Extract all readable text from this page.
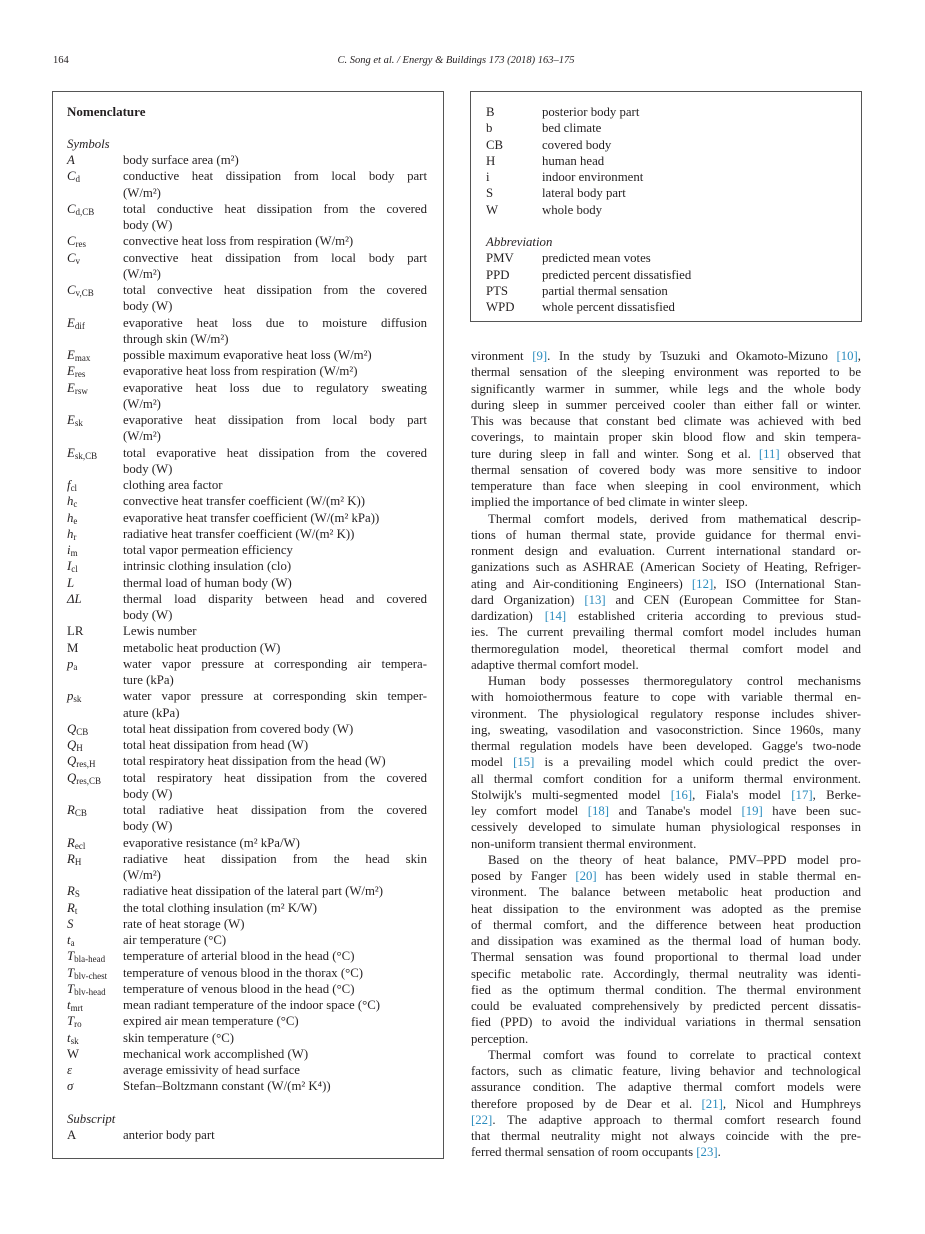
164	C. Song et al. / Energy & Buildings 173 (2018) 163–175
Nomenclature
Symbols
A	body surface area (m²)
$C_d$	conductive heat dissipation from local body part
(W/m²)
$C_{d,CB}$ total conductive heat dissipation from the covered
body (W)
$C_{res}$	convective heat loss from respiration (W/m²)
$C_v$	convective heat dissipation from local body part
(W/m²)
$C_{v,CB}$ total convective heat dissipation from the covered
body (W)
$E_{dif}$	evaporative heat loss due to moisture diffusion
through skin (W/m²)
$E_{max}$	possible maximum evaporative heat loss (W/m²)
$E_{res}$	evaporative heat loss from respiration (W/m²)
$E_{rsw}$	evaporative heat loss due to regulatory sweating
(W/m²)
$E_{sk}$	evaporative heat dissipation from local body part
(W/m²)
$E_{sk,CB}$ total evaporative heat dissipation from the covered
body (W)
$f_{cl}$	clothing area factor
$h_c$	convective heat transfer coefficient (W/(m² K))
$h_e$	evaporative heat transfer coefficient (W/(m² kPa))
$h_r$	radiative heat transfer coefficient (W/(m² K))
$i_m$	total vapor permeation efficiency
$I_{cl}$	intrinsic clothing insulation (clo)
L	thermal load of human body (W)
ΔL	thermal load disparity between head and covered
body (W)
LR	Lewis number
M	metabolic heat production (W)
$p_a$	water vapor pressure at corresponding air tempera-
ture (kPa)
$p_{sk}$	water vapor pressure at corresponding skin temper-
ature (kPa)
$Q_{CB}$	total heat dissipation from covered body (W)
$Q_H$	total heat dissipation from head (W)
$Q_{res,H}$ total respiratory heat dissipation from the head (W)
$Q_{res,CB}$ total respiratory heat dissipation from the covered
body (W)
$R_{CB}$	total radiative heat dissipation from the covered
body (W)
$R_{ecl}$	evaporative resistance (m² kPa/W)
$R_H$	radiative heat dissipation from the head skin
(W/m²)
$R_S$	radiative heat dissipation of the lateral part (W/m²)
$R_t$	the total clothing insulation (m² K/W)
S	rate of heat storage (W)
$t_a$	air temperature (°C)
$T_{bla-head}$ temperature of arterial blood in the head (°C)
$T_{blv-chest}$ temperature of venous blood in the thorax (°C)
$T_{blv-head}$ temperature of venous blood in the head (°C)
$t_{mrt}$	mean radiant temperature of the indoor space (°C)
$T_{ro}$	expired air mean temperature (°C)
$t_{sk}$	skin temperature (°C)
W	mechanical work accomplished (W)
ε	average emissivity of head surface
σ	Stefan–Boltzmann constant (W/(m² K⁴))
Subscript
A	anterior body part
B	posterior body part
b	bed climate
CB	covered body
H	human head
i	indoor environment
S	lateral body part
W	whole body
Abbreviation
PMV predicted mean votes
PPD	predicted percent dissatisfied
PTS	partial thermal sensation
WPD whole percent dissatisfied
vironment [9]. In the study by Tsuzuki and Okamoto-Mizuno [10],
thermal sensation of the sleeping environment was reported to be
significantly warmer in summer, while legs and the whole body
during sleep in summer perceived cooler than either fall or winter.
This was because that constant bed climate was achieved with bed
coverings, to maintain proper skin blood flow and skin tempera-
ture during sleep in fall and winter. Song et al. [11] observed that
thermal sensation of covered body was more sensitive to indoor
temperature than face when sleeping in cool environment, which
implied the importance of bed climate in winter sleep.
Thermal comfort models, derived from mathematical descrip-
tions of human thermal state, provide guidance for thermal envi-
ronment design and evaluation. Current international standard or-
ganizations such as ASHRAE (American Society of Heating, Refriger-
ating and Air-conditioning Engineers) [12], ISO (International Stan-
dard Organization) [13] and CEN (European Committee for Stan-
dardization) [14] established criteria according to previous stud-
ies. The current prevailing thermal comfort model includes human
thermoregulation model, theoretical thermal comfort model and
adaptive thermal comfort model.
Human body possesses thermoregulatory control mechanisms
with homoiothermous feature to cope with variable thermal en-
vironment. The physiological regulatory response includes shiver-
ing, sweating, vasodilation and vasoconstriction. Since 1960s, many
thermal regulation models have been developed. Gagge's two-node
model [15] is a prevailing model which could predict the over-
all thermal comfort condition for a uniform thermal environment.
Stolwijk's multi-segmented model [16], Fiala's model [17], Berke-
ley comfort model [18] and Tanabe's model [19] have been suc-
cessively developed to simulate human physiological responses in
non-uniform transient thermal environment.
Based on the theory of heat balance, PMV–PPD model pro-
posed by Fanger [20] has been widely used in stable thermal en-
vironment. The balance between metabolic heat production and
heat dissipation to the environment was adopted as the premise
of thermal comfort, and the difference between heat production
and dissipation was examined as the thermal load of human body.
Thermal sensation was found proportional to thermal load under
specific metabolic rate. Accordingly, thermal neutrality was identi-
fied as the optimum thermal condition. The thermal environment
could be evaluated comprehensively by predicted percent dissatis-
fied (PPD) to avoid the individual variations in thermal sensation
perception.
Thermal comfort was found to correlate to practical context
factors, such as climatic feature, living behavior and technological
assurance condition. The adaptive thermal comfort models were
therefore proposed by de Dear et al. [21], Nicol and Humphreys
[22]. The adaptive approach to thermal comfort research found
that thermal neutrality might not always coincide with the pre-
ferred thermal sensation of room occupants [23].
